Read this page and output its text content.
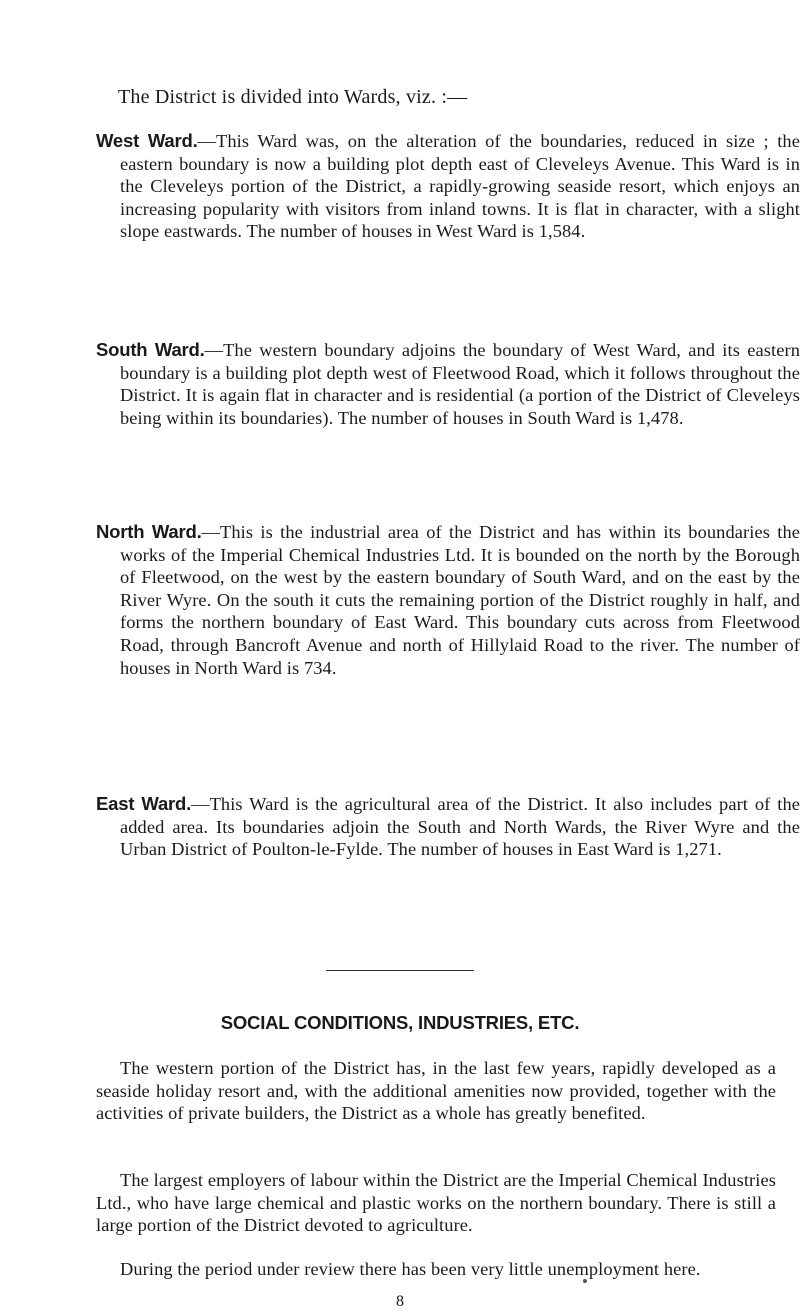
The District is divided into Wards, viz. :—

West Ward.—This Ward was, on the alteration of the boundaries, reduced in size ; the eastern boundary is now a building plot depth east of Cleveleys Avenue. This Ward is in the Cleveleys portion of the District, a rapidly-growing seaside resort, which enjoys an increasing popularity with visitors from inland towns. It is flat in character, with a slight slope eastwards. The number of houses in West Ward is 1,584.

South Ward.—The western boundary adjoins the boundary of West Ward, and its eastern boundary is a building plot depth west of Fleetwood Road, which it follows throughout the District. It is again flat in character and is residential (a portion of the District of Cleveleys being within its boundaries). The number of houses in South Ward is 1,478.

North Ward.—This is the industrial area of the District and has within its boundaries the works of the Imperial Chemical Industries Ltd. It is bounded on the north by the Borough of Fleetwood, on the west by the eastern boundary of South Ward, and on the east by the River Wyre. On the south it cuts the remaining portion of the District roughly in half, and forms the northern boundary of East Ward. This boundary cuts across from Fleetwood Road, through Bancroft Avenue and north of Hillylaid Road to the river. The number of houses in North Ward is 734.

East Ward.—This Ward is the agricultural area of the District. It also includes part of the added area. Its boundaries adjoin the South and North Wards, the River Wyre and the Urban District of Poulton-le-Fylde. The number of houses in East Ward is 1,271.

SOCIAL CONDITIONS, INDUSTRIES, ETC.

The western portion of the District has, in the last few years, rapidly developed as a seaside holiday resort and, with the additional amenities now provided, together with the activities of private builders, the District as a whole has greatly benefited.

The largest employers of labour within the District are the Imperial Chemical Industries Ltd., who have large chemical and plastic works on the northern boundary. There is still a large portion of the District devoted to agriculture.

During the period under review there has been very little unemployment here.

8
